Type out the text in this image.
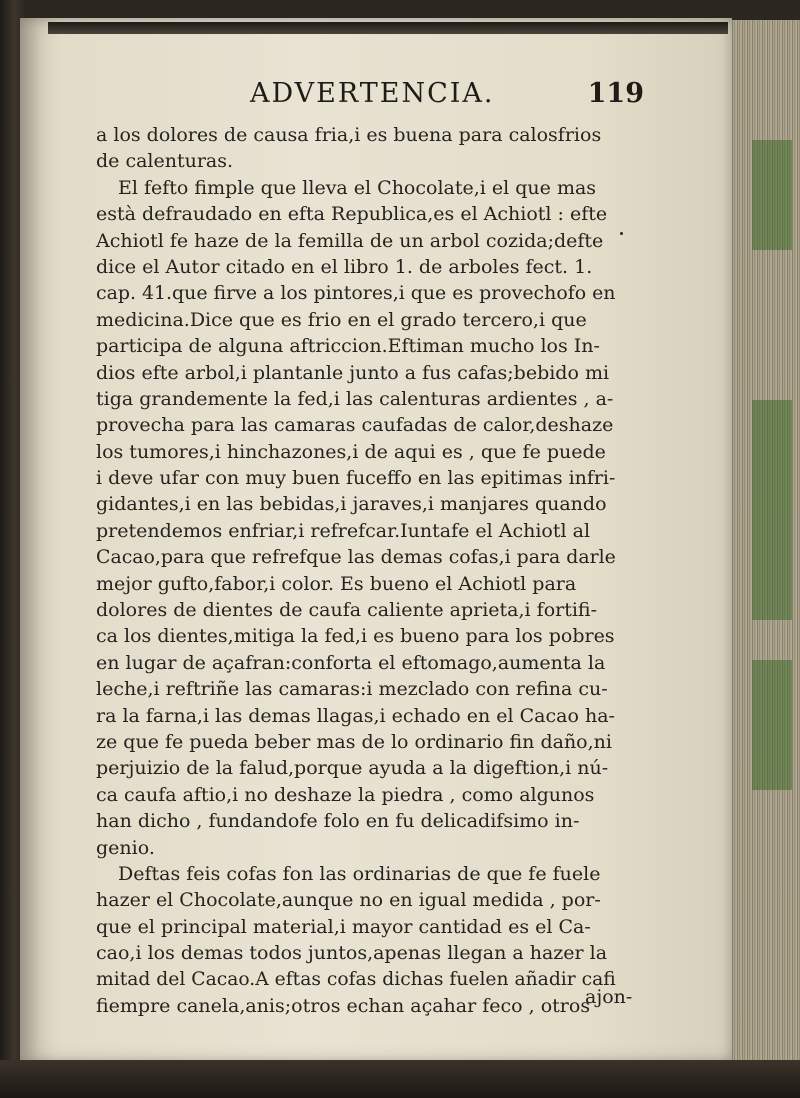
ADVERTENCIA.	119
a los dolores de causa fria,i es buena para calosfrios
de calenturas.
El fefto fimple que lleva el Chocolate,i el que mas
està defraudado en efta Republica,es el Achiotl : efte
Achiotl fe haze de la femilla de un arbol cozida;defte
dice el Autor citado en el libro 1. de arboles fect. 1.
cap. 41.que firve a los pintores,i que es provechofo en
medicina.Dice que es frio en el grado tercero,i que
participa de alguna aftriccion.Eftiman mucho los In-
dios efte arbol,i plantanle junto a fus cafas;bebido mi
tiga grandemente la fed,i las calenturas ardientes , a-
provecha para las camaras caufadas de calor,deshaze
los tumores,i hinchazones,i de aqui es , que fe puede
i deve ufar con muy buen fuceffo en las epitimas infri-
gidantes,i en las bebidas,i jaraves,i manjares quando
pretendemos enfriar,i refrefcar.Iuntafe el Achiotl al
Cacao,para que refrefque las demas cofas,i para darle
mejor gufto,fabor,i color. Es bueno el Achiotl para
dolores de dientes de caufa caliente aprieta,i fortifi-
ca los dientes,mitiga la fed,i es bueno para los pobres
en lugar de açafran:conforta el eftomago,aumenta la
leche,i reftriñe las camaras:i mezclado con refina cu-
ra la farna,i las demas llagas,i echado en el Cacao ha-
ze que fe pueda beber mas de lo ordinario fin daño,ni
perjuizio de la falud,porque ayuda a la digeftion,i nú-
ca caufa aftio,i no deshaze la piedra , como algunos
han dicho , fundandofe folo en fu delicadifsimo in-
genio.
Deftas feis cofas fon las ordinarias de que fe fuele
hazer el Chocolate,aunque no en igual medida , por-
que el principal material,i mayor cantidad es el Ca-
cao,i los demas todos juntos,apenas llegan a hazer la
mitad del Cacao.A eftas cofas dichas fuelen añadir cafi
fiempre canela,anis;otros echan açahar feco , otros
ajon-
